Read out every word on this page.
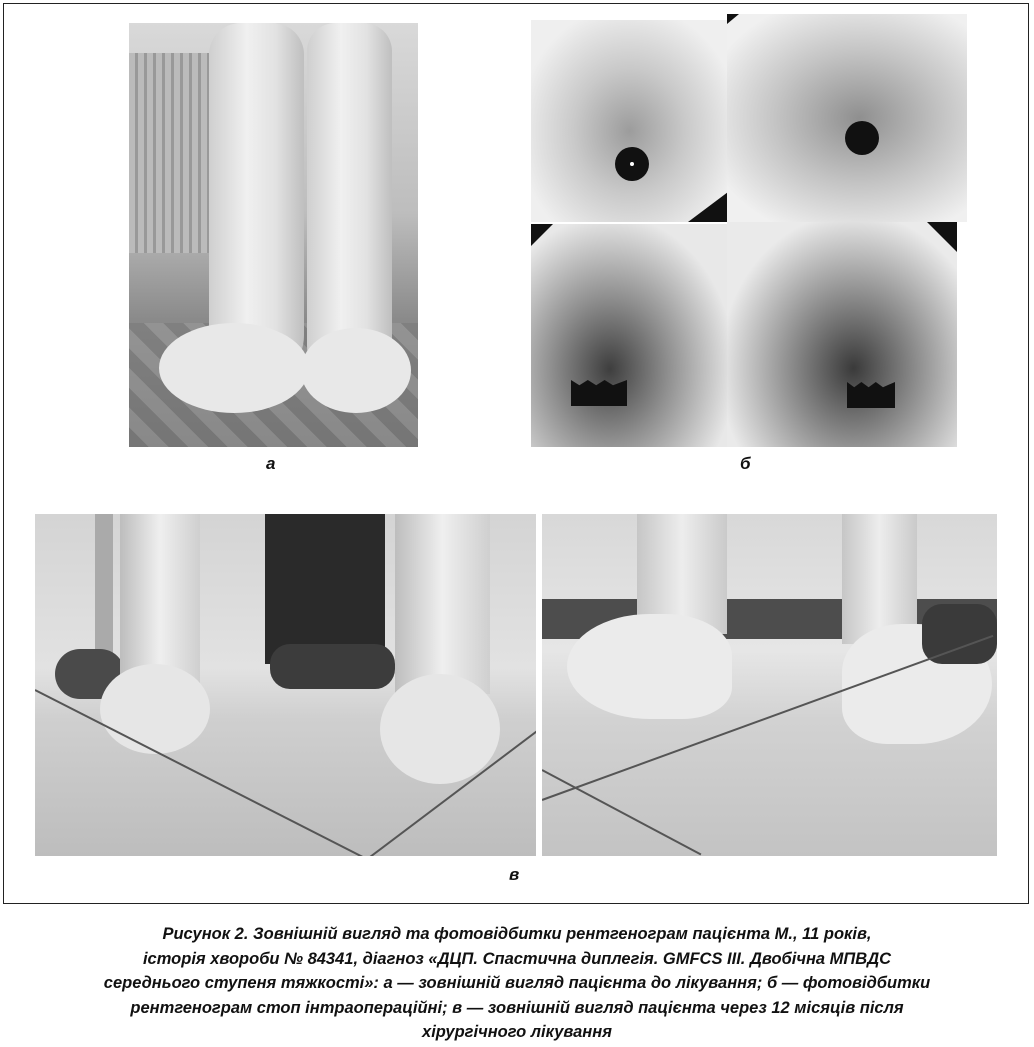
а	б
в
Рисунок 2. Зовнішній вигляд та фотовідбитки рентгенограм пацієнта М., 11 років,
історія хвороби № 84341, діагноз «ДЦП. Спастична диплегія. GMFCS III. Двобічна МПВДС
середнього ступеня тяжкості»: а — зовнішній вигляд пацієнта до лікування; б — фотовідбитки
рентгенограм стоп інтраопераційні; в — зовнішній вигляд пацієнта через 12 місяців після
хірургічного лікування
